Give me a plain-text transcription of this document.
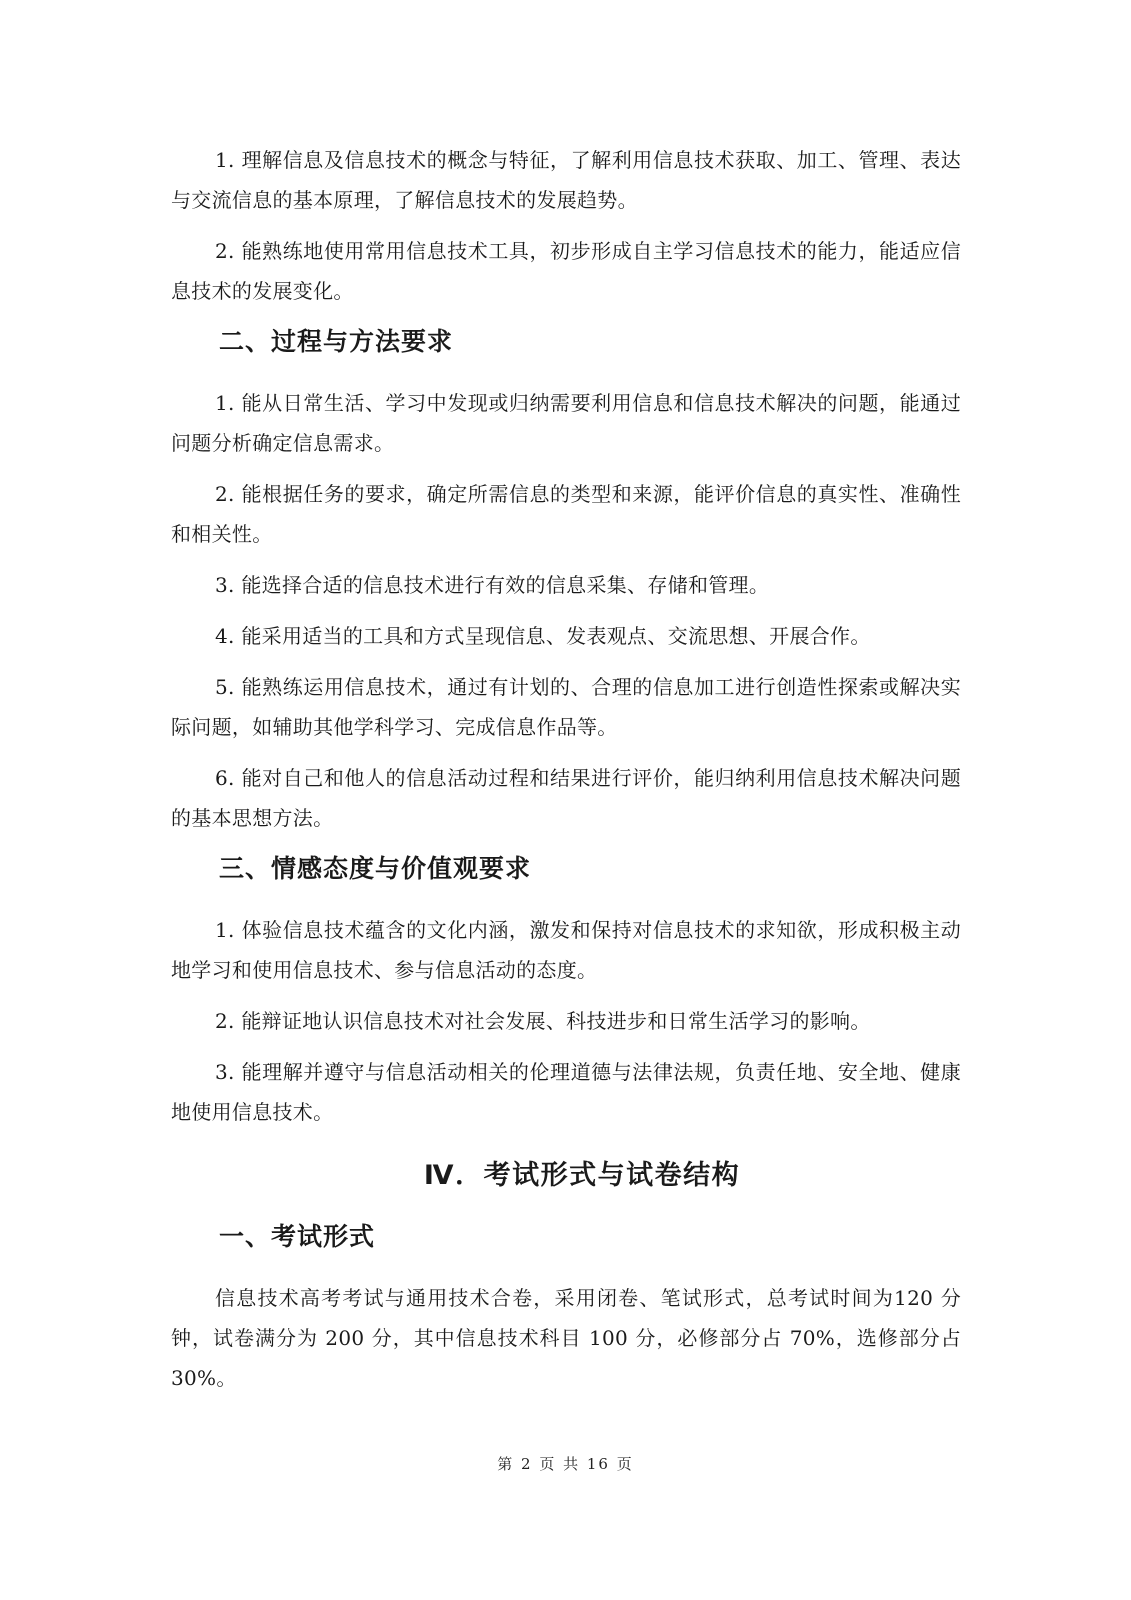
1. 理解信息及信息技术的概念与特征，了解利用信息技术获取、加工、管理、表达与交流信息的基本原理，了解信息技术的发展趋势。

2. 能熟练地使用常用信息技术工具，初步形成自主学习信息技术的能力，能适应信息技术的发展变化。

二、过程与方法要求

1. 能从日常生活、学习中发现或归纳需要利用信息和信息技术解决的问题，能通过问题分析确定信息需求。

2. 能根据任务的要求，确定所需信息的类型和来源，能评价信息的真实性、准确性和相关性。

3. 能选择合适的信息技术进行有效的信息采集、存储和管理。

4. 能采用适当的工具和方式呈现信息、发表观点、交流思想、开展合作。

5. 能熟练运用信息技术，通过有计划的、合理的信息加工进行创造性探索或解决实际问题，如辅助其他学科学习、完成信息作品等。

6. 能对自己和他人的信息活动过程和结果进行评价，能归纳利用信息技术解决问题的基本思想方法。

三、情感态度与价值观要求

1. 体验信息技术蕴含的文化内涵，激发和保持对信息技术的求知欲，形成积极主动地学习和使用信息技术、参与信息活动的态度。

2. 能辩证地认识信息技术对社会发展、科技进步和日常生活学习的影响。

3. 能理解并遵守与信息活动相关的伦理道德与法律法规，负责任地、安全地、健康地使用信息技术。

Ⅳ．考试形式与试卷结构
一、考试形式

信息技术高考考试与通用技术合卷，采用闭卷、笔试形式，总考试时间为120 分钟，试卷满分为 200 分，其中信息技术科目 100 分，必修部分占 70%，选修部分占 30%。

第 2 页 共 16 页
